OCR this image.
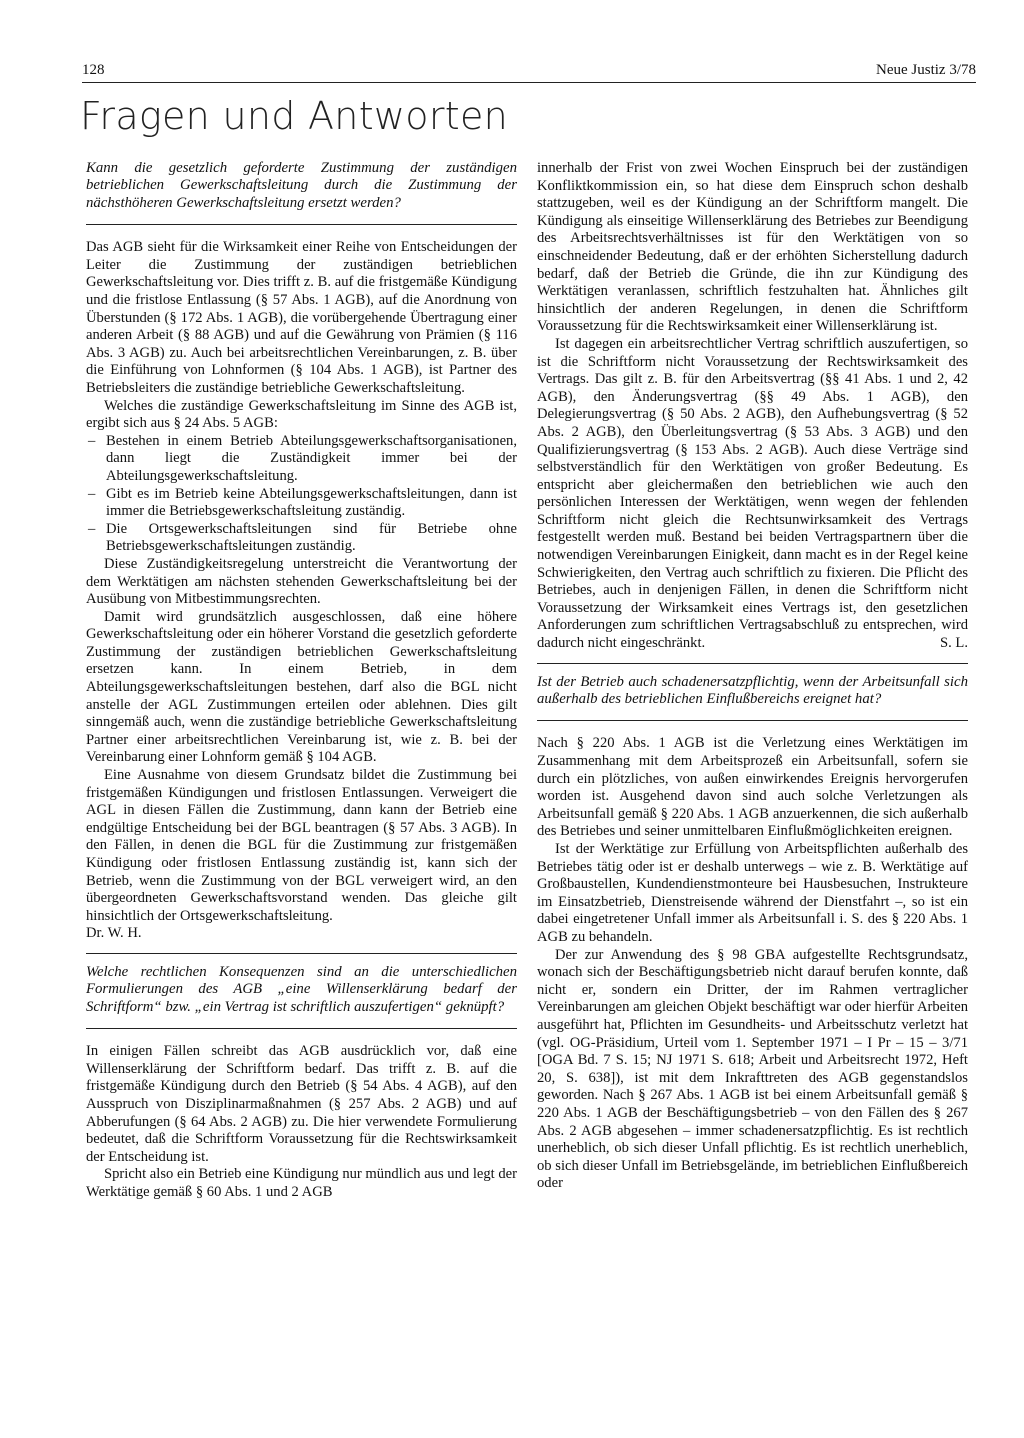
128	Neue Justiz 3/78
Fragen und Antworten

Kann die gesetzlich geforderte Zustimmung der zuständigen betrieblichen Gewerkschaftsleitung durch die Zustimmung der nächsthöheren Gewerkschaftsleitung ersetzt werden?

Das AGB sieht für die Wirksamkeit einer Reihe von Entscheidungen der Leiter die Zustimmung der zuständigen betrieblichen Gewerkschaftsleitung vor. Dies trifft z. B. auf die fristgemäße Kündigung und die fristlose Entlassung (§ 57 Abs. 1 AGB), auf die Anordnung von Überstunden (§ 172 Abs. 1 AGB), die vorübergehende Übertragung einer anderen Arbeit (§ 88 AGB) und auf die Gewährung von Prämien (§ 116 Abs. 3 AGB) zu. Auch bei arbeitsrechtlichen Vereinbarungen, z. B. über die Einführung von Lohnformen (§ 104 Abs. 1 AGB), ist Partner des Betriebsleiters die zuständige betriebliche Gewerkschaftsleitung.

Welches die zuständige Gewerkschaftsleitung im Sinne des AGB ist, ergibt sich aus § 24 Abs. 5 AGB:

– Bestehen in einem Betrieb Abteilungsgewerkschaftsorganisationen, dann liegt die Zuständigkeit immer bei der Abteilungsgewerkschaftsleitung.
– Gibt es im Betrieb keine Abteilungsgewerkschaftsleitungen, dann ist immer die Betriebsgewerkschaftsleitung zuständig.
– Die Ortsgewerkschaftsleitungen sind für Betriebe ohne Betriebsgewerkschaftsleitungen zuständig.

Diese Zuständigkeitsregelung unterstreicht die Verantwortung der dem Werktätigen am nächsten stehenden Gewerkschaftsleitung bei der Ausübung von Mitbestimmungsrechten.

Damit wird grundsätzlich ausgeschlossen, daß eine höhere Gewerkschaftsleitung oder ein höherer Vorstand die gesetzlich geforderte Zustimmung der zuständigen betrieblichen Gewerkschaftsleitung ersetzen kann. In einem Betrieb, in dem Abteilungsgewerkschaftsleitungen bestehen, darf also die BGL nicht anstelle der AGL Zustimmungen erteilen oder ablehnen. Dies gilt sinngemäß auch, wenn die zuständige betriebliche Gewerkschaftsleitung Partner einer arbeitsrechtlichen Vereinbarung ist, wie z. B. bei der Vereinbarung einer Lohnform gemäß § 104 AGB.

Eine Ausnahme von diesem Grundsatz bildet die Zustimmung bei fristgemäßen Kündigungen und fristlosen Entlassungen. Verweigert die AGL in diesen Fällen die Zustimmung, dann kann der Betrieb eine endgültige Entscheidung bei der BGL beantragen (§ 57 Abs. 3 AGB). In den Fällen, in denen die BGL für die Zustimmung zur fristgemäßen Kündigung oder fristlosen Entlassung zuständig ist, kann sich der Betrieb, wenn die Zustimmung von der BGL verweigert wird, an den übergeordneten Gewerkschaftsvorstand wenden. Das gleiche gilt hinsichtlich der Ortsgewerkschaftsleitung.

Dr. W. H.

Welche rechtlichen Konsequenzen sind an die unterschiedlichen Formulierungen des AGB „eine Willenserklärung bedarf der Schriftform“ bzw. „ein Vertrag ist schriftlich auszufertigen“ geknüpft?

In einigen Fällen schreibt das AGB ausdrücklich vor, daß eine Willenserklärung der Schriftform bedarf. Das trifft z. B. auf die fristgemäße Kündigung durch den Betrieb (§ 54 Abs. 4 AGB), auf den Ausspruch von Disziplinarmaßnahmen (§ 257 Abs. 2 AGB) und auf Abberufungen (§ 64 Abs. 2 AGB) zu. Die hier verwendete Formulierung bedeutet, daß die Schriftform Voraussetzung für die Rechtswirksamkeit der Entscheidung ist.

Spricht also ein Betrieb eine Kündigung nur mündlich aus und legt der Werktätige gemäß § 60 Abs. 1 und 2 AGB

innerhalb der Frist von zwei Wochen Einspruch bei der zuständigen Konfliktkommission ein, so hat diese dem Einspruch schon deshalb stattzugeben, weil es der Kündigung an der Schriftform mangelt. Die Kündigung als einseitige Willenserklärung des Betriebes zur Beendigung des Arbeitsrechtsverhältnisses ist für den Werktätigen von so einschneidender Bedeutung, daß er der erhöhten Sicherstellung dadurch bedarf, daß der Betrieb die Gründe, die ihn zur Kündigung des Werktätigen veranlassen, schriftlich festzuhalten hat. Ähnliches gilt hinsichtlich der anderen Regelungen, in denen die Schriftform Voraussetzung für die Rechtswirksamkeit einer Willenserklärung ist.

Ist dagegen ein arbeitsrechtlicher Vertrag schriftlich auszufertigen, so ist die Schriftform nicht Voraussetzung der Rechtswirksamkeit des Vertrags. Das gilt z. B. für den Arbeitsvertrag (§§ 41 Abs. 1 und 2, 42 AGB), den Änderungsvertrag (§§ 49 Abs. 1 AGB), den Delegierungsvertrag (§ 50 Abs. 2 AGB), den Aufhebungsvertrag (§ 52 Abs. 2 AGB), den Überleitungsvertrag (§ 53 Abs. 3 AGB) und den Qualifizierungsvertrag (§ 153 Abs. 2 AGB). Auch diese Verträge sind selbstverständlich für den Werktätigen von großer Bedeutung. Es entspricht aber gleichermaßen den betrieblichen wie auch den persönlichen Interessen der Werktätigen, wenn wegen der fehlenden Schriftform nicht gleich die Rechtsunwirksamkeit des Vertrags festgestellt werden muß. Bestand bei beiden Vertragspartnern über die notwendigen Vereinbarungen Einigkeit, dann macht es in der Regel keine Schwierigkeiten, den Vertrag auch schriftlich zu fixieren. Die Pflicht des Betriebes, auch in denjenigen Fällen, in denen die Schriftform nicht Voraussetzung der Wirksamkeit eines Vertrags ist, den gesetzlichen Anforderungen zum schriftlichen Vertragsabschluß zu entsprechen, wird dadurch nicht eingeschränkt.	S. L.

Ist der Betrieb auch schadenersatzpflichtig, wenn der Arbeitsunfall sich außerhalb des betrieblichen Einflußbereichs ereignet hat?

Nach § 220 Abs. 1 AGB ist die Verletzung eines Werktätigen im Zusammenhang mit dem Arbeitsprozeß ein Arbeitsunfall, sofern sie durch ein plötzliches, von außen einwirkendes Ereignis hervorgerufen worden ist. Ausgehend davon sind auch solche Verletzungen als Arbeitsunfall gemäß § 220 Abs. 1 AGB anzuerkennen, die sich außerhalb des Betriebes und seiner unmittelbaren Einflußmöglichkeiten ereignen.

Ist der Werktätige zur Erfüllung von Arbeitspflichten außerhalb des Betriebes tätig oder ist er deshalb unterwegs – wie z. B. Werktätige auf Großbaustellen, Kundendienstmonteure bei Hausbesuchen, Instrukteure im Einsatzbetrieb, Dienstreisende während der Dienstfahrt –, so ist ein dabei eingetretener Unfall immer als Arbeitsunfall i. S. des § 220 Abs. 1 AGB zu behandeln.

Der zur Anwendung des § 98 GBA aufgestellte Rechtsgrundsatz, wonach sich der Beschäftigungsbetrieb nicht darauf berufen konnte, daß nicht er, sondern ein Dritter, der im Rahmen vertraglicher Vereinbarungen am gleichen Objekt beschäftigt war oder hierfür Arbeiten ausgeführt hat, Pflichten im Gesundheits- und Arbeitsschutz verletzt hat (vgl. OG-Präsidium, Urteil vom 1. September 1971 – I Pr – 15 – 3/71 [OGA Bd. 7 S. 15; NJ 1971 S. 618; Arbeit und Arbeitsrecht 1972, Heft 20, S. 638]), ist mit dem Inkrafttreten des AGB gegenstandslos geworden. Nach § 267 Abs. 1 AGB ist bei einem Arbeitsunfall gemäß § 220 Abs. 1 AGB der Beschäftigungsbetrieb – von den Fällen des § 267 Abs. 2 AGB abgesehen – immer schadenersatzpflichtig. Es ist rechtlich unerheblich, ob sich dieser Unfall pflichtig. Es ist rechtlich unerheblich, ob sich dieser Unfall im Betriebsgelände, im betrieblichen Einflußbereich oder
